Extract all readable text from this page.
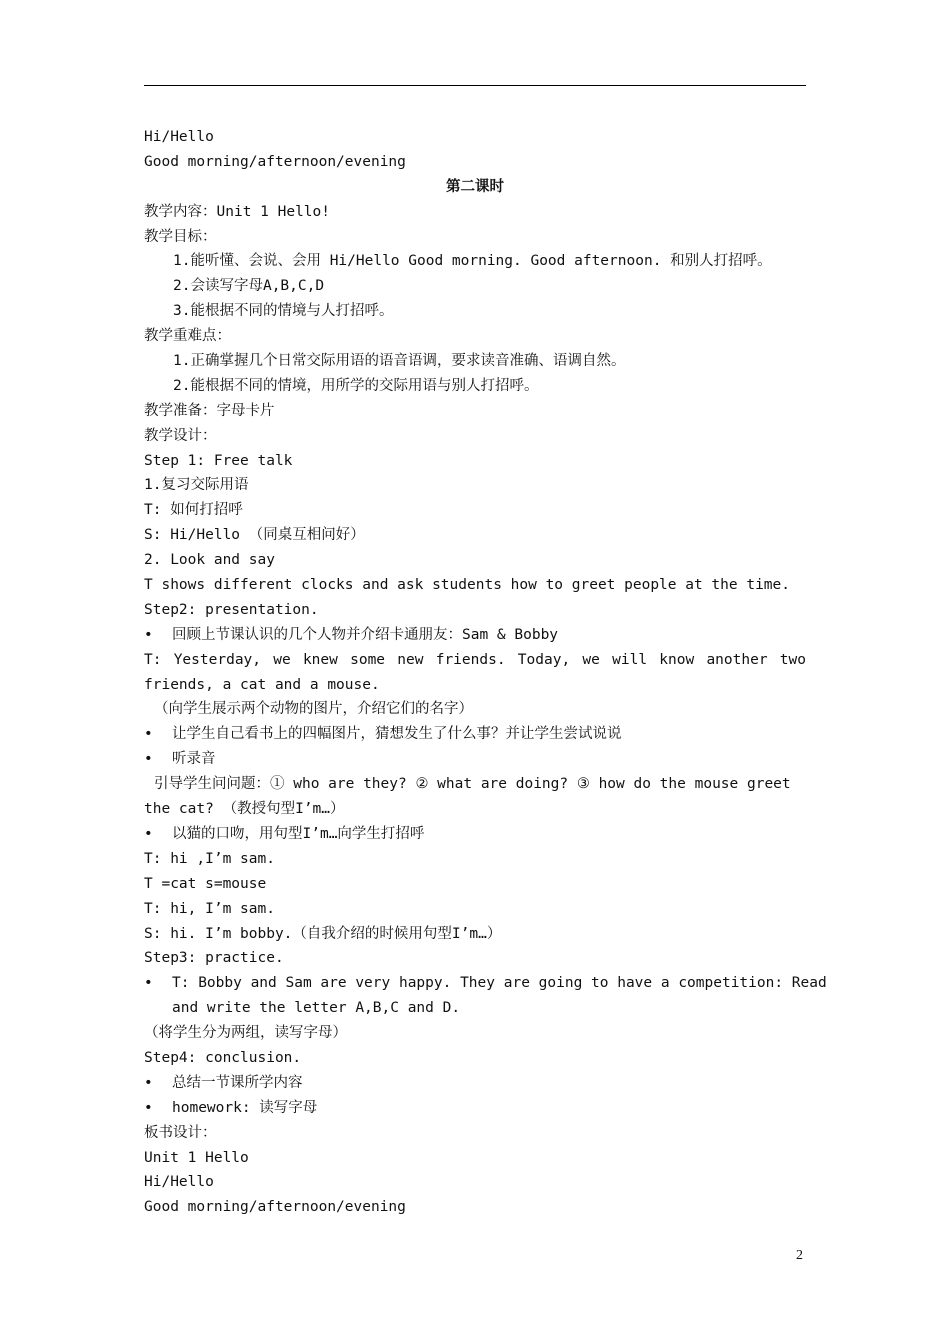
Hi/Hello
Good morning/afternoon/evening
第二课时
教学内容：Unit 1 Hello!
教学目标：
1.能听懂、会说、会用 Hi/Hello Good morning. Good afternoon. 和别人打招呼。
2.会读写字母A,B,C,D
3.能根据不同的情境与人打招呼。
教学重难点：
1.正确掌握几个日常交际用语的语音语调，要求读音准确、语调自然。
2.能根据不同的情境，用所学的交际用语与别人打招呼。
教学准备：字母卡片
教学设计：
Step 1: Free talk
1.复习交际用语
T: 如何打招呼
S: Hi/Hello （同桌互相问好）
2. Look and say
T shows different clocks and ask students how to greet people at the time.
Step2: presentation.
•	回顾上节课认识的几个人物并介绍卡通朋友：Sam & Bobby
T: Yesterday, we knew some new friends. Today, we will know another two
friends, a cat and a mouse.
（向学生展示两个动物的图片，介绍它们的名字）
•	让学生自己看书上的四幅图片，猜想发生了什么事？并让学生尝试说说
•	听录音
引导学生问问题：① who are they? ② what are doing? ③ how do the mouse greet
the cat? （教授句型I’m…）
•	以猫的口吻，用句型I’m…向学生打招呼
T: hi ,I’m sam.
T =cat s=mouse
T: hi, I’m sam.
S: hi. I’m bobby.（自我介绍的时候用句型I’m…）
Step3: practice.
•	T: Bobby and Sam are very happy. They are going to have a competition: Read
and write the letter A,B,C and D.
（将学生分为两组，读写字母）
Step4: conclusion.
•	总结一节课所学内容
•	homework: 读写字母
板书设计：
Unit 1 Hello
Hi/Hello
Good morning/afternoon/evening
2
